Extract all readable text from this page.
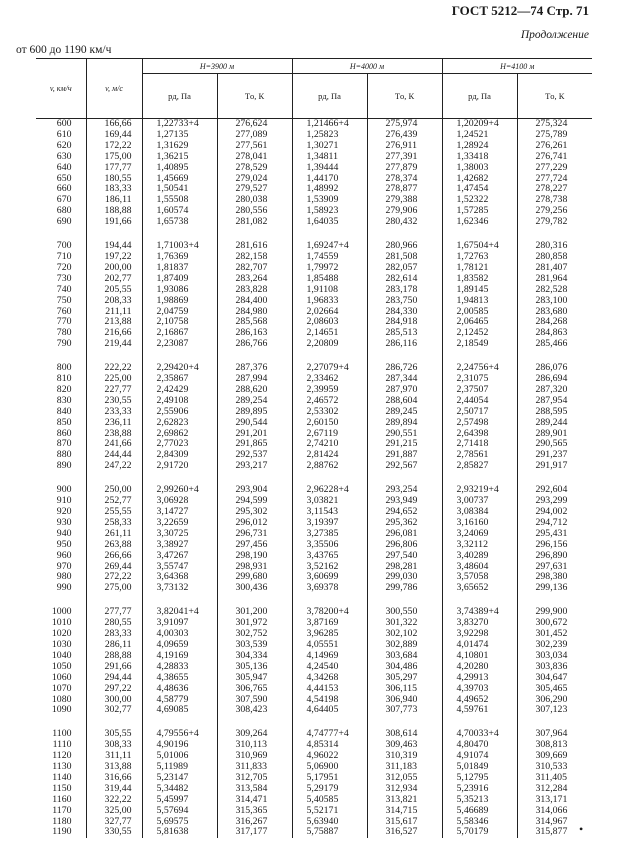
ГОСТ 5212—74 Стр. 71
Продолжение
от 600 до 1190 км/ч
v, км/ч	v, м/с	H=3900 м		H=4000 м		H=4100 м	
		pд, Па	Tо, К	pд, Па	Tо, К	pд, Па	Tо, К
600	166,66	1,22733+4	276,624	1,21466+4	275,974	1,20209+4	275,324
610	169,44	1,27135	277,089	1,25823	276,439	1,24521	275,789
620	172,22	1,31629	277,561	1,30271	276,911	1,28924	276,261
630	175,00	1,36215	278,041	1,34811	277,391	1,33418	276,741
640	177,77	1,40895	278,529	1,39444	277,879	1,38003	277,229
650	180,55	1,45669	279,024	1,44170	278,374	1,42682	277,724
660	183,33	1,50541	279,527	1,48992	278,877	1,47454	278,227
670	186,11	1,55508	280,038	1,53909	279,388	1,52322	278,738
680	188,88	1,60574	280,556	1,58923	279,906	1,57285	279,256
690	191,66	1,65738	281,082	1,64035	280,432	1,62346	279,782
700	194,44	1,71003+4	281,616	1,69247+4	280,966	1,67504+4	280,316
710	197,22	1,76369	282,158	1,74559	281,508	1,72763	280,858
720	200,00	1,81837	282,707	1,79972	282,057	1,78121	281,407
730	202,77	1,87409	283,264	1,85488	282,614	1,83582	281,964
740	205,55	1,93086	283,828	1,91108	283,178	1,89145	282,528
750	208,33	1,98869	284,400	1,96833	283,750	1,94813	283,100
760	211,11	2,04759	284,980	2,02664	284,330	2,00585	283,680
770	213,88	2,10758	285,568	2,08603	284,918	2,06465	284,268
780	216,66	2,16867	286,163	2,14651	285,513	2,12452	284,863
790	219,44	2,23087	286,766	2,20809	286,116	2,18549	285,466
800	222,22	2,29420+4	287,376	2,27079+4	286,726	2,24756+4	286,076
810	225,00	2,35867	287,994	2,33462	287,344	2,31075	286,694
820	227,77	2,42429	288,620	2,39959	287,970	2,37507	287,320
830	230,55	2,49108	289,254	2,46572	288,604	2,44054	287,954
840	233,33	2,55906	289,895	2,53302	289,245	2,50717	288,595
850	236,11	2,62823	290,544	2,60150	289,894	2,57498	289,244
860	238,88	2,69862	291,201	2,67119	290,551	2,64398	289,901
870	241,66	2,77023	291,865	2,74210	291,215	2,71418	290,565
880	244,44	2,84309	292,537	2,81424	291,887	2,78561	291,237
890	247,22	2,91720	293,217	2,88762	292,567	2,85827	291,917
900	250,00	2,99260+4	293,904	2,96228+4	293,254	2,93219+4	292,604
910	252,77	3,06928	294,599	3,03821	293,949	3,00737	293,299
920	255,55	3,14727	295,302	3,11543	294,652	3,08384	294,002
930	258,33	3,22659	296,012	3,19397	295,362	3,16160	294,712
940	261,11	3,30725	296,731	3,27385	296,081	3,24069	295,431
950	263,88	3,38927	297,456	3,35506	296,806	3,32112	296,156
960	266,66	3,47267	298,190	3,43765	297,540	3,40289	296,890
970	269,44	3,55747	298,931	3,52162	298,281	3,48604	297,631
980	272,22	3,64368	299,680	3,60699	299,030	3,57058	298,380
990	275,00	3,73132	300,436	3,69378	299,786	3,65652	299,136
1000	277,77	3,82041+4	301,200	3,78200+4	300,550	3,74389+4	299,900
1010	280,55	3,91097	301,972	3,87169	301,322	3,83270	300,672
1020	283,33	4,00303	302,752	3,96285	302,102	3,92298	301,452
1030	286,11	4,09659	303,539	4,05551	302,889	4,01474	302,239
1040	288,88	4,19169	304,334	4,14969	303,684	4,10801	303,034
1050	291,66	4,28833	305,136	4,24540	304,486	4,20280	303,836
1060	294,44	4,38655	305,947	4,34268	305,297	4,29913	304,647
1070	297,22	4,48636	306,765	4,44153	306,115	4,39703	305,465
1080	300,00	4,58779	307,590	4,54198	306,940	4,49652	306,290
1090	302,77	4,69085	308,423	4,64405	307,773	4,59761	307,123
1100	305,55	4,79556+4	309,264	4,74777+4	308,614	4,70033+4	307,964
1110	308,33	4,90196	310,113	4,85314	309,463	4,80470	308,813
1120	311,11	5,01006	310,969	4,96022	310,319	4,91074	309,669
1130	313,88	5,11989	311,833	5,06900	311,183	5,01849	310,533
1140	316,66	5,23147	312,705	5,17951	312,055	5,12795	311,405
1150	319,44	5,34482	313,584	5,29179	312,934	5,23916	312,284
1160	322,22	5,45997	314,471	5,40585	313,821	5,35213	313,171
1170	325,00	5,57694	315,365	5,52171	314,715	5,46689	314,066
1180	327,77	5,69575	316,267	5,63940	315,617	5,58346	314,967
1190	330,55	5,81638	317,177	5,75887	316,527	5,70179	315,877 •
